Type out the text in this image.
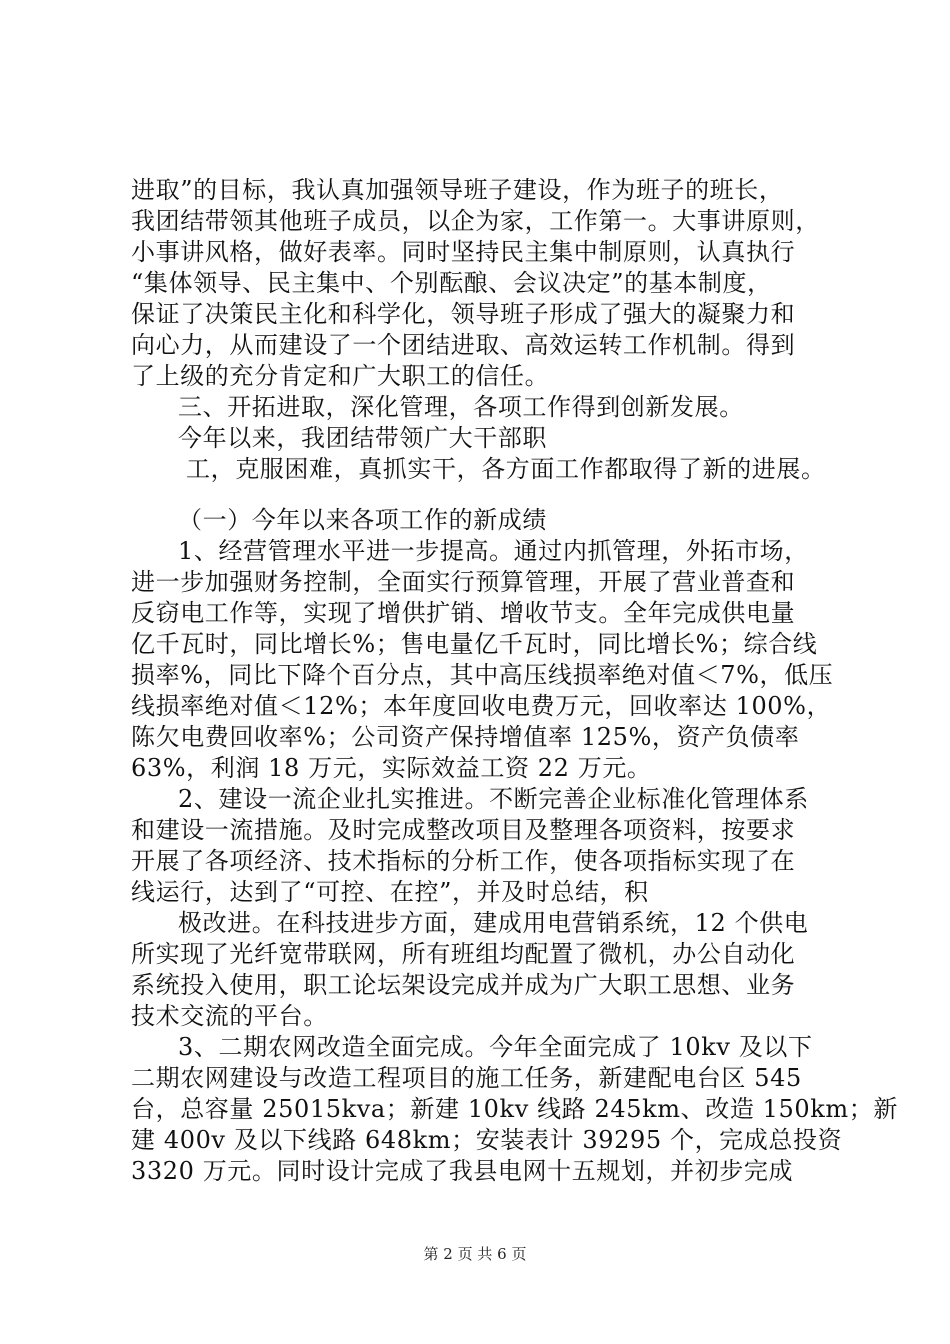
进取”的目标，我认真加强领导班子建设，作为班子的班长，
我团结带领其他班子成员，以企为家，工作第一。大事讲原则，
小事讲风格，做好表率。同时坚持民主集中制原则，认真执行
“集体领导、民主集中、个别酝酿、会议决定”的基本制度，
保证了决策民主化和科学化，领导班子形成了强大的凝聚力和
向心力，从而建设了一个团结进取、高效运转工作机制。得到
了上级的充分肯定和广大职工的信任。
三、开拓进取，深化管理，各项工作得到创新发展。
今年以来，我团结带领广大干部职
工，克服困难，真抓实干，各方面工作都取得了新的进展。
（一）今年以来各项工作的新成绩
1、经营管理水平进一步提高。通过内抓管理，外拓市场，
进一步加强财务控制，全面实行预算管理，开展了营业普查和
反窃电工作等，实现了增供扩销、增收节支。全年完成供电量
亿千瓦时，同比增长%；售电量亿千瓦时，同比增长%；综合线
损率%，同比下降个百分点，其中高压线损率绝对值＜7%，低压
线损率绝对值＜12%；本年度回收电费万元，回收率达 100%，
陈欠电费回收率%；公司资产保持增值率 125%，资产负债率
63%，利润 18 万元，实际效益工资 22 万元。
2、建设一流企业扎实推进。不断完善企业标准化管理体系
和建设一流措施。及时完成整改项目及整理各项资料，按要求
开展了各项经济、技术指标的分析工作，使各项指标实现了在
线运行，达到了“可控、在控”，并及时总结，积
极改进。在科技进步方面，建成用电营销系统，12 个供电
所实现了光纤宽带联网，所有班组均配置了微机，办公自动化
系统投入使用，职工论坛架设完成并成为广大职工思想、业务
技术交流的平台。
3、二期农网改造全面完成。今年全面完成了 10kv 及以下
二期农网建设与改造工程项目的施工任务，新建配电台区 545
台，总容量 25015kva；新建 10kv 线路 245km、改造 150km；新
建 400v 及以下线路 648km；安装表计 39295 个，完成总投资
3320 万元。同时设计完成了我县电网十五规划，并初步完成
第 2 页 共 6 页
